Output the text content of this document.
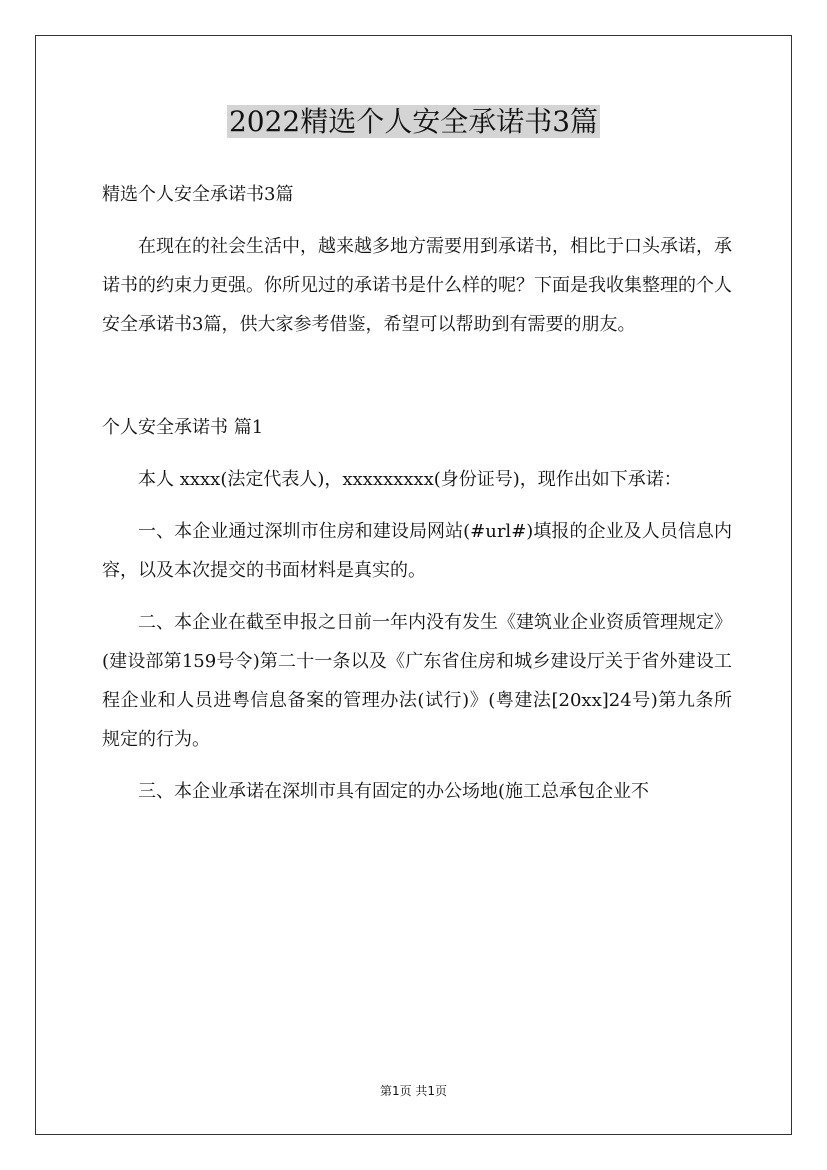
2022精选个人安全承诺书3篇

精选个人安全承诺书3篇

在现在的社会生活中，越来越多地方需要用到承诺书，相比于口头承诺，承诺书的约束力更强。你所见过的承诺书是什么样的呢？下面是我收集整理的个人安全承诺书3篇，供大家参考借鉴，希望可以帮助到有需要的朋友。

个人安全承诺书 篇1

本人 xxxx(法定代表人)，xxxxxxxxx(身份证号)，现作出如下承诺：

一、本企业通过深圳市住房和建设局网站(#url#)填报的企业及人员信息内容，以及本次提交的书面材料是真实的。

二、本企业在截至申报之日前一年内没有发生《建筑业企业资质管理规定》(建设部第159号令)第二十一条以及《广东省住房和城乡建设厅关于省外建设工程企业和人员进粤信息备案的管理办法(试行)》(粤建法[20xx]24号)第九条所规定的行为。

三、本企业承诺在深圳市具有固定的办公场地(施工总承包企业不

第1页 共1页
